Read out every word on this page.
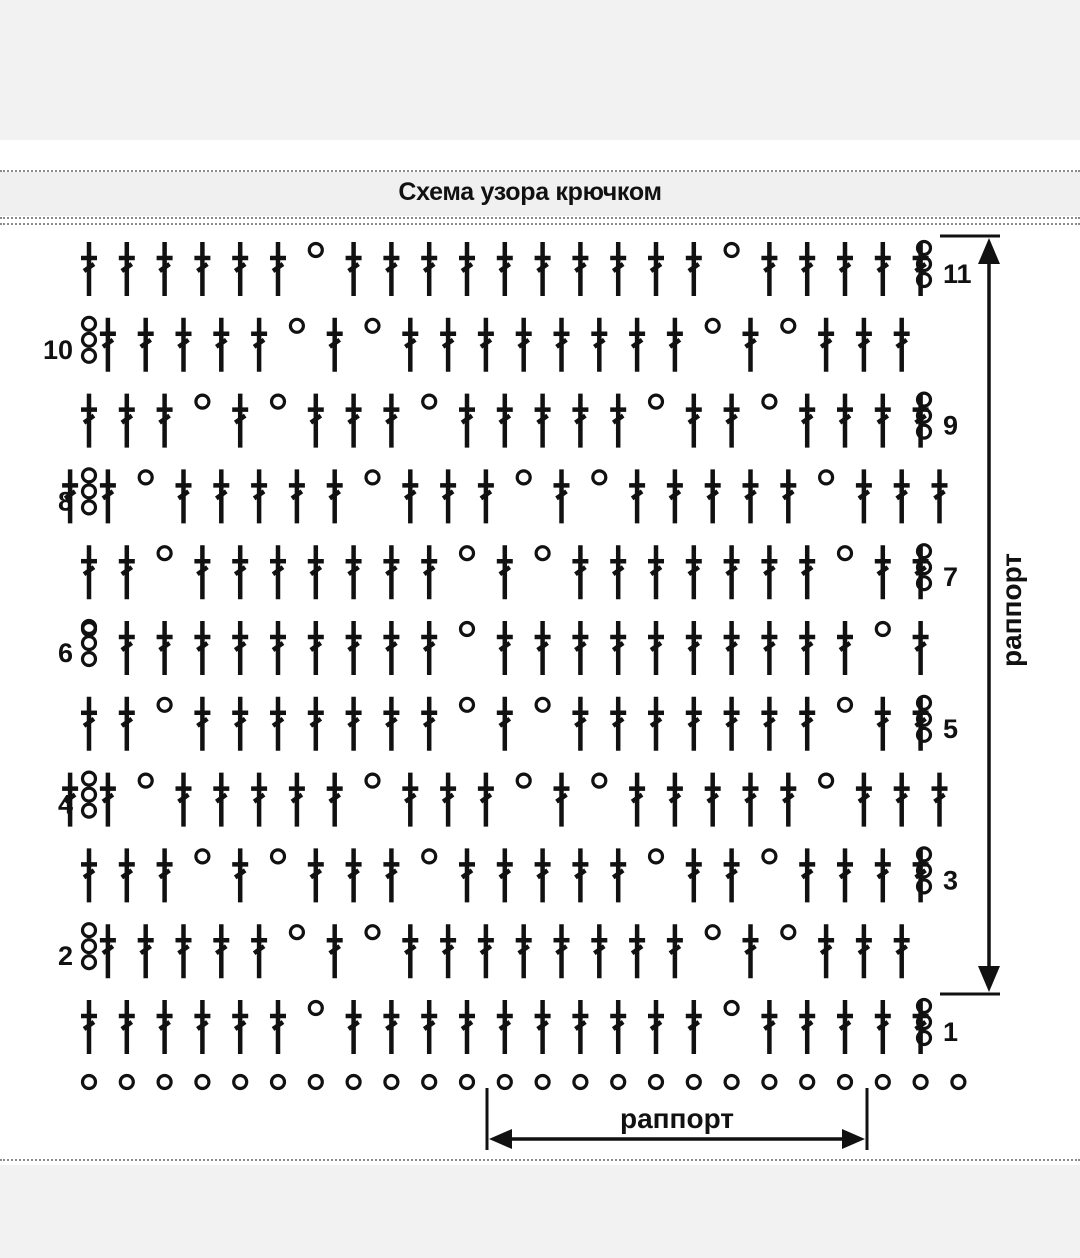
Схема узора крючком
1
2
3
4
5
6
7
8
9
10
11
раппорт
раппорт
